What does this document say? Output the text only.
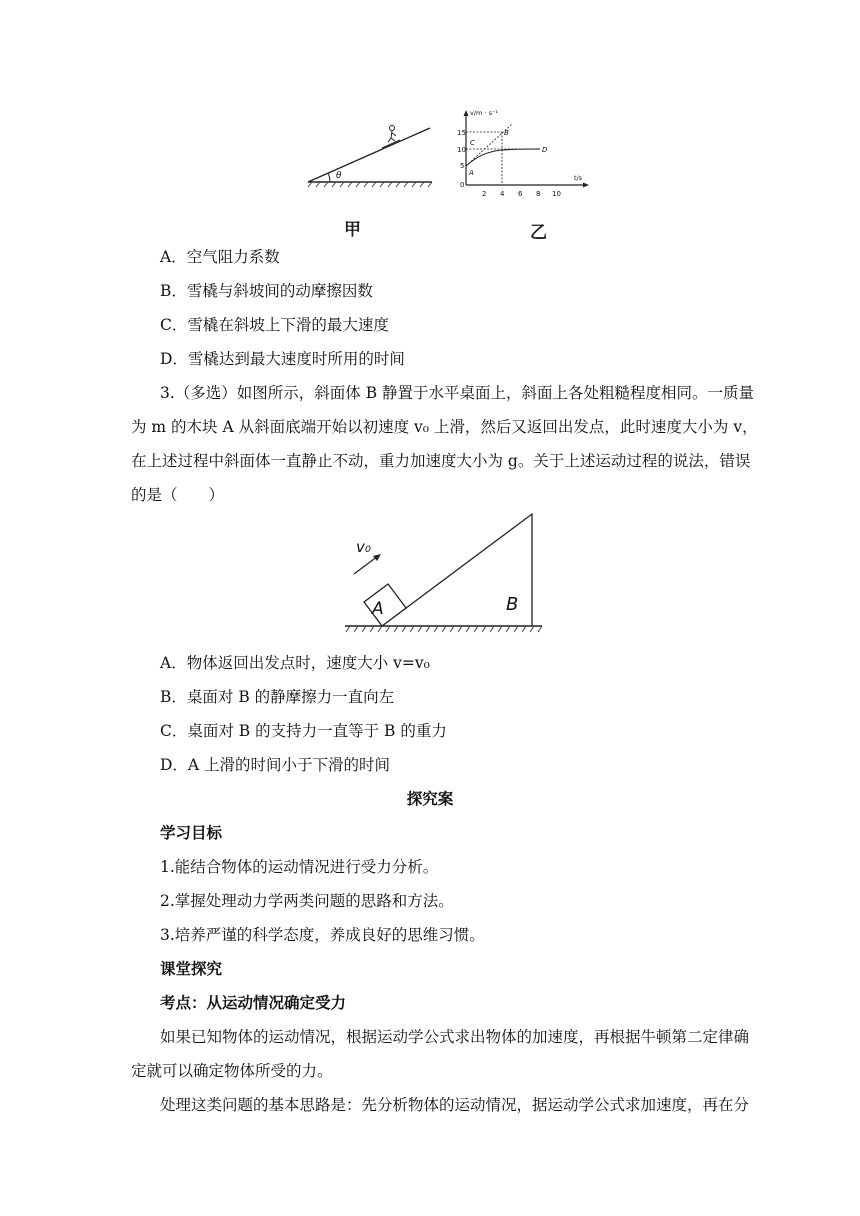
θ
v/m · s⁻¹
t/s
15
10
5
0
2 4 6 8 10
A
B
C
D
甲	乙
A．空气阻力系数
B．雪橇与斜坡间的动摩擦因数
C．雪橇在斜坡上下滑的最大速度
D．雪橇达到最大速度时所用的时间
3.（多选）如图所示，斜面体 B 静置于水平桌面上，斜面上各处粗糙程度相同。一质量
为 m 的木块 A 从斜面底端开始以初速度 v₀ 上滑，然后又返回出发点，此时速度大小为 v，
在上述过程中斜面体一直静止不动，重力加速度大小为 g。关于上述运动过程的说法，错误
的是（　　）
B
A
v₀
A．物体返回出发点时，速度大小 v=v₀
B．桌面对 B 的静摩擦力一直向左
C．桌面对 B 的支持力一直等于 B 的重力
D．A 上滑的时间小于下滑的时间
探究案
学习目标
1.能结合物体的运动情况进行受力分析。
2.掌握处理动力学两类问题的思路和方法。
3.培养严谨的科学态度，养成良好的思维习惯。
课堂探究
考点：从运动情况确定受力
如果已知物体的运动情况，根据运动学公式求出物体的加速度，再根据牛顿第二定律确
定就可以确定物体所受的力。
处理这类问题的基本思路是：先分析物体的运动情况，据运动学公式求加速度，再在分
